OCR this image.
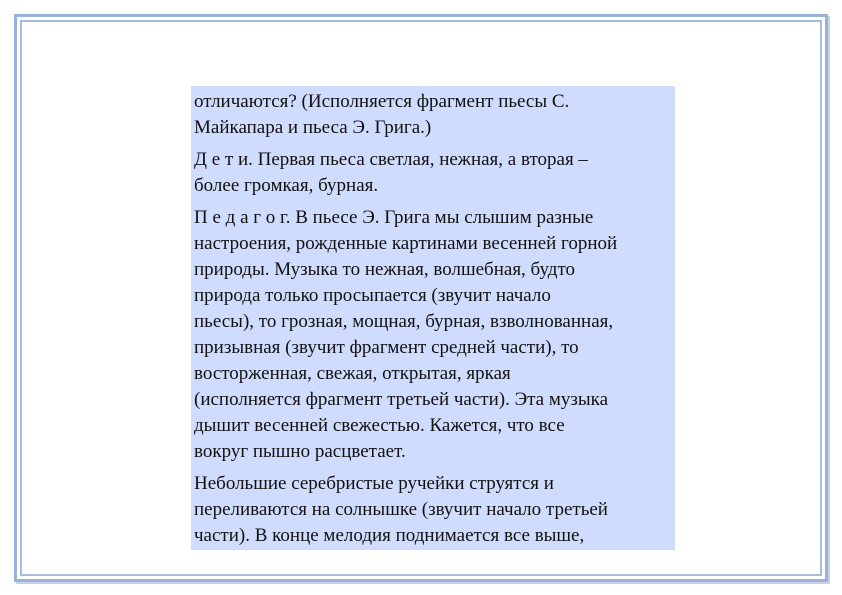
отличаются? (Исполняется фрагмент пьесы С.
Майкапара и пьеса Э. Грига.)

Д е т и. Первая пьеса светлая, нежная, а вторая –
более громкая, бурная.

П е д а г о г. В пьесе Э. Грига мы слышим разные
настроения, рожденные картинами весенней горной
природы. Музыка то нежная, волшебная, будто
природа только просыпается (звучит начало
пьесы), то грозная, мощная, бурная, взволнованная,
призывная (звучит фрагмент средней части), то
восторженная, свежая, открытая, яркая
(исполняется фрагмент третьей части). Эта музыка
дышит весенней свежестью. Кажется, что все
вокруг пышно расцветает.

Небольшие серебристые ручейки струятся и
переливаются на солнышке (звучит начало третьей
части). В конце мелодия поднимается все выше,
